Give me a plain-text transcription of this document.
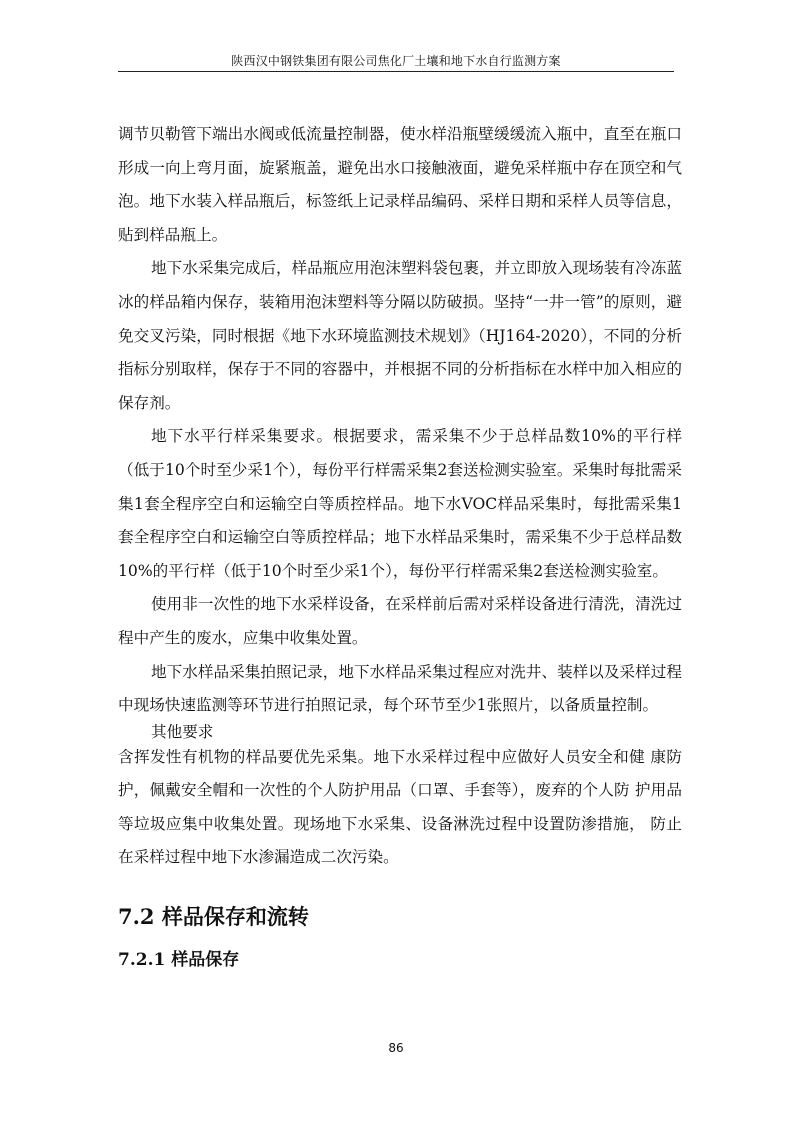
陕西汉中钢铁集团有限公司焦化厂土壤和地下水自行监测方案

调节贝勒管下端出水阀或低流量控制器，使水样沿瓶壁缓缓流入瓶中，直至在瓶口形成一向上弯月面，旋紧瓶盖，避免出水口接触液面，避免采样瓶中存在顶空和气泡。地下水装入样品瓶后，标签纸上记录样品编码、采样日期和采样人员等信息，贴到样品瓶上。

地下水采集完成后，样品瓶应用泡沫塑料袋包裹，并立即放入现场装有冷冻蓝冰的样品箱内保存，装箱用泡沫塑料等分隔以防破损。坚持“一井一管”的原则，避免交叉污染，同时根据《地下水环境监测技术规划》（HJ164-2020），不同的分析指标分别取样，保存于不同的容器中，并根据不同的分析指标在水样中加入相应的保存剂。

地下水平行样采集要求。根据要求，需采集不少于总样品数10%的平行样（低于10个时至少采1个），每份平行样需采集2套送检测实验室。采集时每批需采集1套全程序空白和运输空白等质控样品。地下水VOC样品采集时，每批需采集1套全程序空白和运输空白等质控样品；地下水样品采集时，需采集不少于总样品数10%的平行样（低于10个时至少采1个），每份平行样需采集2套送检测实验室。

使用非一次性的地下水采样设备，在采样前后需对采样设备进行清洗，清洗过程中产生的废水，应集中收集处置。

地下水样品采集拍照记录，地下水样品采集过程应对洗井、装样以及采样过程中现场快速监测等环节进行拍照记录，每个环节至少1张照片，以备质量控制。

其他要求

含挥发性有机物的样品要优先采集。地下水采样过程中应做好人员安全和健 康防护，佩戴安全帽和一次性的个人防护用品（口罩、手套等），废弃的个人防 护用品等垃圾应集中收集处置。现场地下水采集、设备淋洗过程中设置防渗措施， 防止在采样过程中地下水渗漏造成二次污染。

7.2 样品保存和流转
7.2.1 样品保存
86
